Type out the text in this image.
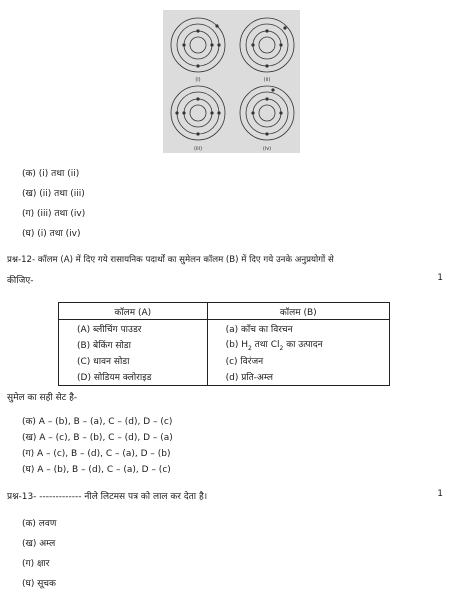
(i)	(ii)
(iii)	(iv)
(क) (i) तथा (ii)
(ख) (ii) तथा (iii)
(ग) (iii) तथा (iv)
(घ) (i) तथा (iv)
प्रश्न-12- कॉलम (A) में दिए गये रासायनिक पदार्थों का सुमेलन कॉलम (B) में दिए गये उनके अनुप्रयोगों से
कीजिए-	1
कॉलम (A)	कॉलम (B)
(A) ब्लीचिंग पाउडर	(a) काँच का विरचन
(B) बेकिंग सोडा	(b) $H_2$ तथा $Cl_2$ का उत्पादन
(C) धावन सोडा	(c) विरंजन
(D) सोडियम क्लोराइड	(d) प्रति-अम्ल
सुमेल का सही सेट है-
(क) A – (b), B – (a), C – (d), D – (c)
(ख) A – (c), B – (b), C – (d), D – (a)
(ग) A – (c), B – (d), C – (a), D – (b)
(घ) A – (b), B – (d), C – (a), D – (c)
प्रश्न-13- ------------- नीले लिटमस पत्र को लाल कर देता है।	1
(क) लवण
(ख) अम्ल
(ग) क्षार
(घ) सूचक
